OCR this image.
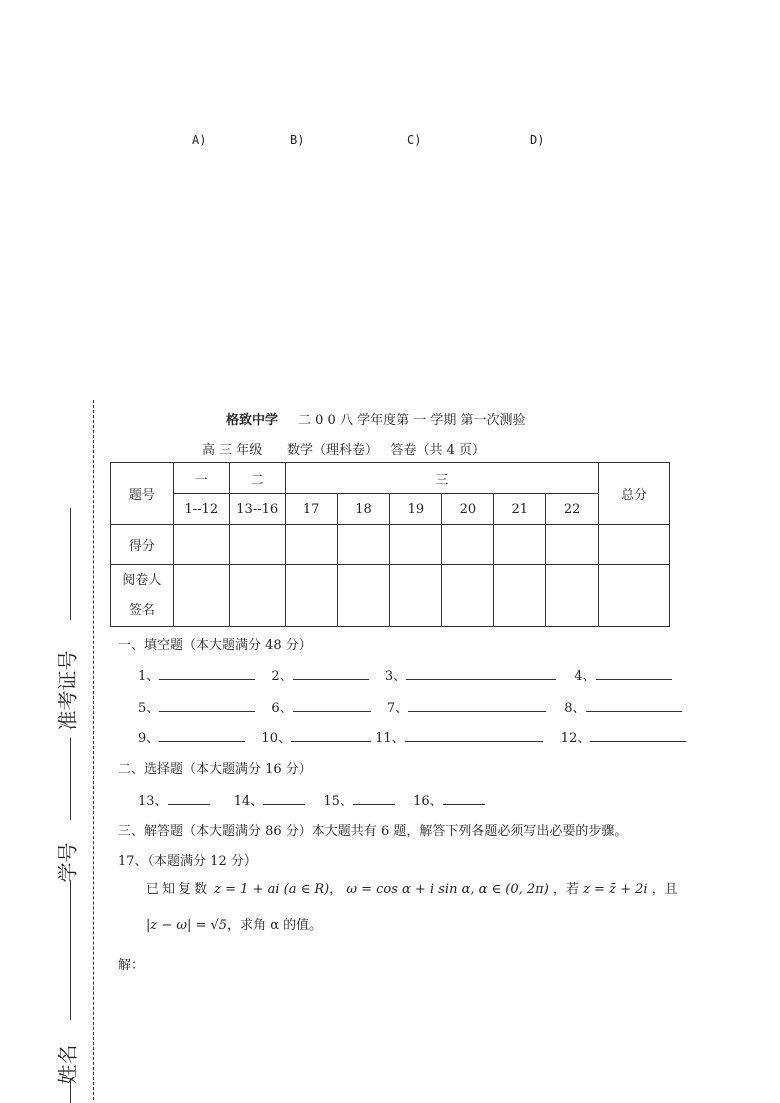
A)	B)	C)	D)
准考证号
学号
姓名
格致中学 二 0 0 八 学年度第 一 学期 第一次测验
高 三 年级      数学（理科卷）   答卷（共 4 页）
题号	一	二	三						总分
	1--12	13--16	17	18	19	20	21	22	
得分									

阅卷人
签名									

一、填空题（本大题满分 48 分）
1、	2、	3、	4、
5、	6、	7、	8、
9、	10、	11、	12、
二、选择题（本大题满分 16 分）
13、	14、	15、	16、
三、解答题（本大题满分 86 分）本大题共有 6 题，解答下列各题必须写出必要的步骤。
17、（本题满分 12 分）
已知复数 z = 1 + ai (a ∈ R)， ω = cos α + i sin α, α ∈ (0, 2π) ，若 z = z̄ + 2i ，且
|z − ω| = √5，求角 α 的值。
解：
